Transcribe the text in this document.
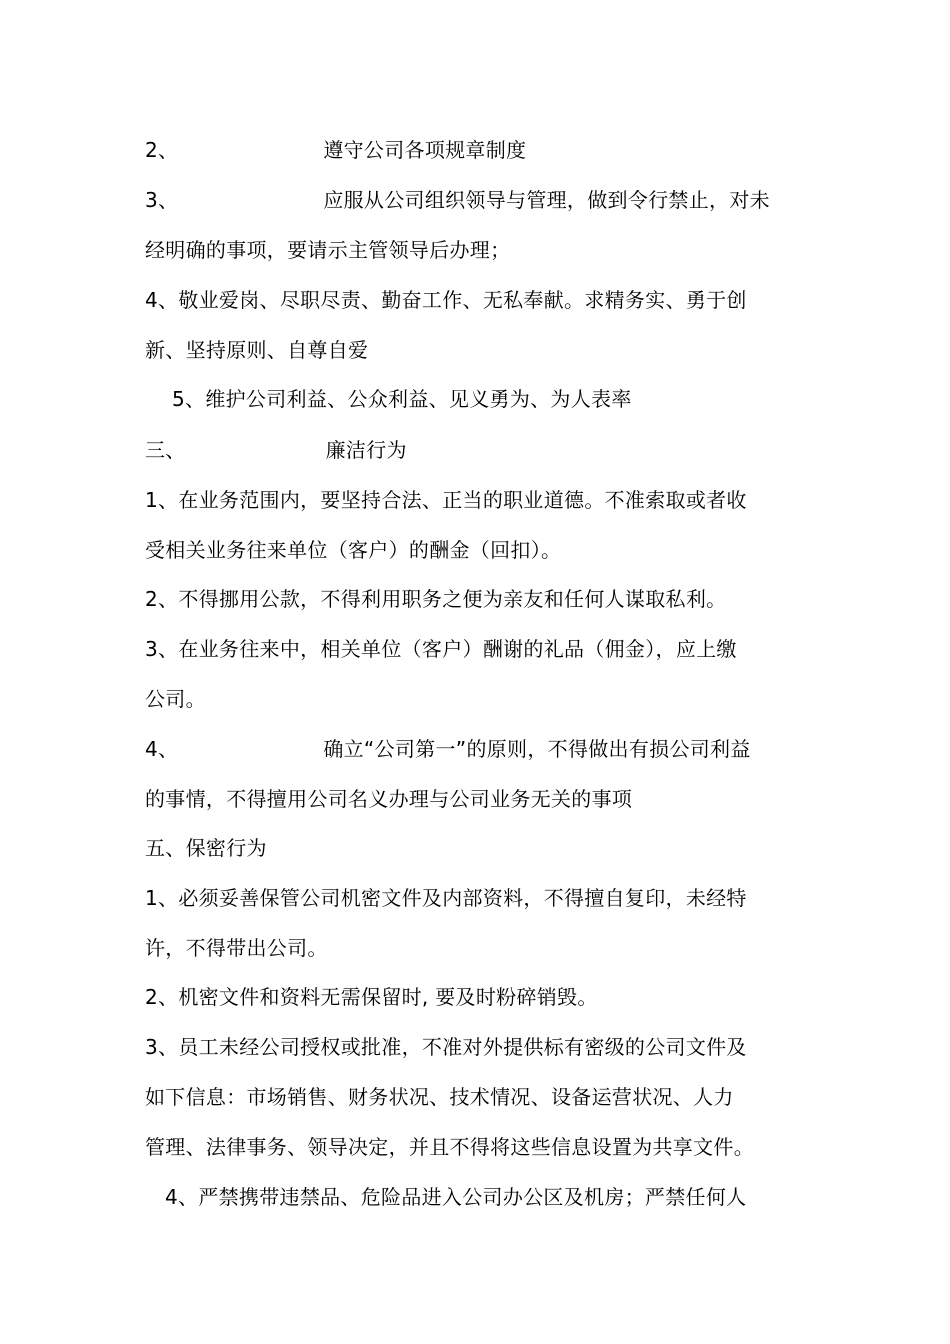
2、	遵守公司各项规章制度
3、	应服从公司组织领导与管理，做到令行禁止，对未
经明确的事项，要请示主管领导后办理；
4、敬业爱岗、尽职尽责、勤奋工作、无私奉献。求精务实、勇于创
新、坚持原则、自尊自爱
5、维护公司利益、公众利益、见义勇为、为人表率
三、	廉洁行为
1、在业务范围内，要坚持合法、正当的职业道德。不准索取或者收
受相关业务往来单位（客户）的酬金（回扣）。
2、不得挪用公款，不得利用职务之便为亲友和任何人谋取私利。
3、在业务往来中，相关单位（客户）酬谢的礼品（佣金），应上缴
公司。
4、	确立“公司第一”的原则，不得做出有损公司利益
的事情，不得擅用公司名义办理与公司业务无关的事项
五、保密行为
1、必须妥善保管公司机密文件及内部资料，不得擅自复印，未经特
许，不得带出公司。
2、机密文件和资料无需保留时, 要及时粉碎销毁。
3、员工未经公司授权或批准，不准对外提供标有密级的公司文件及
如下信息：市场销售、财务状况、技术情况、设备运营状况、人力
管理、法律事务、领导决定，并且不得将这些信息设置为共享文件。
4、严禁携带违禁品、危险品进入公司办公区及机房；严禁任何人
